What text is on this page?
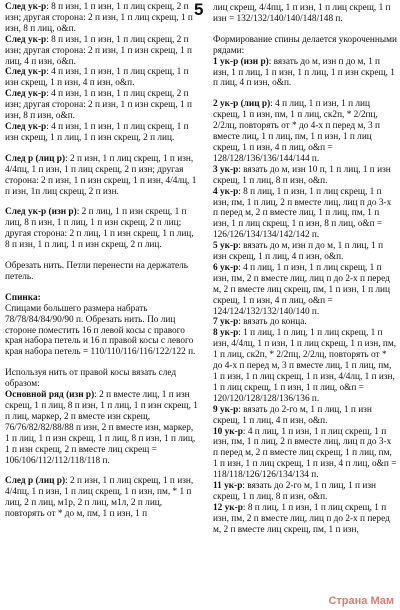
5

След ук-р: 8 п изн, 1 п изн, 1 п лиц скрещ, 2 п изн; другая сторона: 2 п изн, 1 п лиц скрещ, 1 п изн, 8 п лиц, о&п.

След ук-р: 8 п изн, 1 п изн, 1 п лиц скрещ, 2 п изн; другая сторона: 2 п изн, 1 п изн скрещ, 1 п лиц, 4 п изн, о&п.

След ук-р: 4 п изн, 1 п изн, 1 п лиц скрещ, 1 п изн скрещ, 1 п изн, 4 п изн, о&п.

След ук-р: 4 п изн, 1 п изн, 1 п лиц скрещ, 2 п изн; другая сторона: 2 п изн, 1 п изн скрещ, 1 п изн, 8 п изн, о&п.

След ук-р: 4 п изн, 1 п изн, 1 п лиц скрещ, 1 п изн скрещ, 1 п лиц, 1 п изн скрещ, 2 п лиц.

След р (лиц р): 2 п изн, 1 п лиц скрещ, 1 п изн, 4/4пц, 1 п изн, 1 п лиц скрещ, 2 п изн; другая сторона: 2 п изн, 1 п изн скрещ, 1 п изн, 4/4лц, 1 п изн, 1п лиц скрещ, 2 п изн.

След ук-р (изн р): 2 п лиц, 1 п изн скрещ, 1 п лиц, 8 п изн, 1 п лиц, 1 п изн скрещ, 2 п лиц; другая сторона: 2 п лиц, 1 п изн скрещ, 1 п лиц, 8 п изн, 1 п лиц, 1 п изн скрещ, 2 п лиц.

Обрезать нить. Петли перенести на держатель петель.

Спинка:

Спицами большего размера набрать 78/78/84/84/90/90 п. Обрезать нить. По лиц стороне поместить 16 п левой косы с правого края набора петель и 16 п правой косы с левого края набора петель = 110/110/116/116/122/122 п.

Используя нить от правой косы вязать след образом:

Основной ряд (изн р): 2 п вместе лиц, 1 п изн скрещ, 1 п лиц, 8 п изн, 1 п лиц, 1 п изн скрещ, 1 п лиц, маркер, 2 п вместе изн скрещ, 76/76/82/82/88/88 п изн, 2 п вместе изн, маркер, 1 п лиц, 1 п изн скрещ, 1 п лиц, 8 п изн, 1 п лиц, 1 п изн скрещ, 2 п вместе лиц скрещ = 106/106/112/112/118/118 п.

След р (лиц р): 2 п изн, 1 п лиц скрещ, 1 п изн, 4/4пц, 1 п изн, 1 п лиц скрещ, 1 п изн, пм, * 1 п лиц, 2 п лиц, м1р, 2 п лиц, м1л, 2 п лиц, повторять от * до м, пм, 1 п изн, 1 п

лиц скрещ, 4/4пц, 1 п изн, 1 п лиц скрещ, 1 п изн = 132/132/140/140/148/148 п.

Формирование спины делается укороченными рядами:

1 ук-р (изн р): вязать до м, изн п до м, 1 п изн, 1 п лиц, 1 п изн, 1 п лиц, 1 п изн скрещ, 1 п лиц, 4 п изн, о&п.

2 ук-р (лиц р): 4 п лиц, 1 п изн, 1 п лиц скрещ, 1 п изн, пм, 1 п лиц, ск2п, * 2/2пц, 2/2лц, повторять от * до 4-х п перед м, 3 п вместе лиц, 1 п лиц, пм, 1 п изн, 1 п лиц скрещ, 1 п изн, 4 п лиц, о&п = 128/128/136/136/144/144 п.

3 ук-р: вязать до м, изн 10 п, 1 п лиц, 1 п изн скрещ, 1 п лиц, 8 п изн, о&п.

4 ук-р: 8 п лиц, 1 п изн, 1 п лиц скрещ, 1 п изн, пм, 1 п лиц, 2 п вместе лиц, лиц п до 3-х п перед м, 2 п вместе лиц, 1 п лиц, пм, 1 п изн, 1 п лиц скрещ, 1 п изн, 8 п лиц, о&п = 126/126/134/134/142/142 п.

5 ук-р: вязать до м, изн п до м, 1 п лиц, 1 п изн скрещ, 1 п лиц, 4 п изн, о&п.

6 ук-р: 4 п лиц, 1 п изн, 1 п лиц скрещ, 1 п изн, пм, 2 п вместе лиц, лиц п до 2-х п перед м, 2 п вместе лиц скрещ, пм, 1 п изн, 1 п лиц скрещ, 1 п изн, 4 п лиц, о&п = 124/124/132/132/140/140 п.

7 ук-р: вязать до конца.

8 ук-р: 1 п лиц, 1 п лиц, 1 п лиц скрещ, 1 п изн, 4/4лц, 1 п изн, 1 п лиц скрещ, 1 п изн, пм, 1 п лиц, ск2п, * 2/2пц, 2/2лц, повторять от * до 4-х п перед м, 3 п вместе лиц, 1 п лиц, пм, 1 п изн, 1 п лиц скрещ, 1 п изн, 4/4лц, 1 п изн, 1 п лиц скрещ, 1 п изн, 1 п лиц, о&п = 120/120/128/128/136/136 п.

9 ук-р: вязать до 2-го м, 1 п лиц, 1 п изн скрещ, 1 п лиц, 4 п изн, о&п.

10 ук-р: 4 п лиц, 1 п изн, 1 п лиц скрещ, 1 п изн, пм, 1 п лиц, 2 п вместе лиц, лиц п до 3-х п перед м, 2 п вместе лиц скрещ, 1 п лиц, пм, 1 п изн, 1 п лиц скрещ, 1 п изн, 4 п лиц, о&п = 118/118/126/126/134/134 п.

11 ук-р: вязать до 2-го м, 1 п лиц, 1 п изн скрещ, 1 п лиц, 8 п изн, о&п.

12 ук-р: 8 п лиц, 1 п изн, 1 п лиц скрещ, 1 п изн, пм, 2 п вместе лиц, лиц п до 2-х п перед м, 2 п вместе лиц скрещ, пм, 1 п изн,

Страна Мам
